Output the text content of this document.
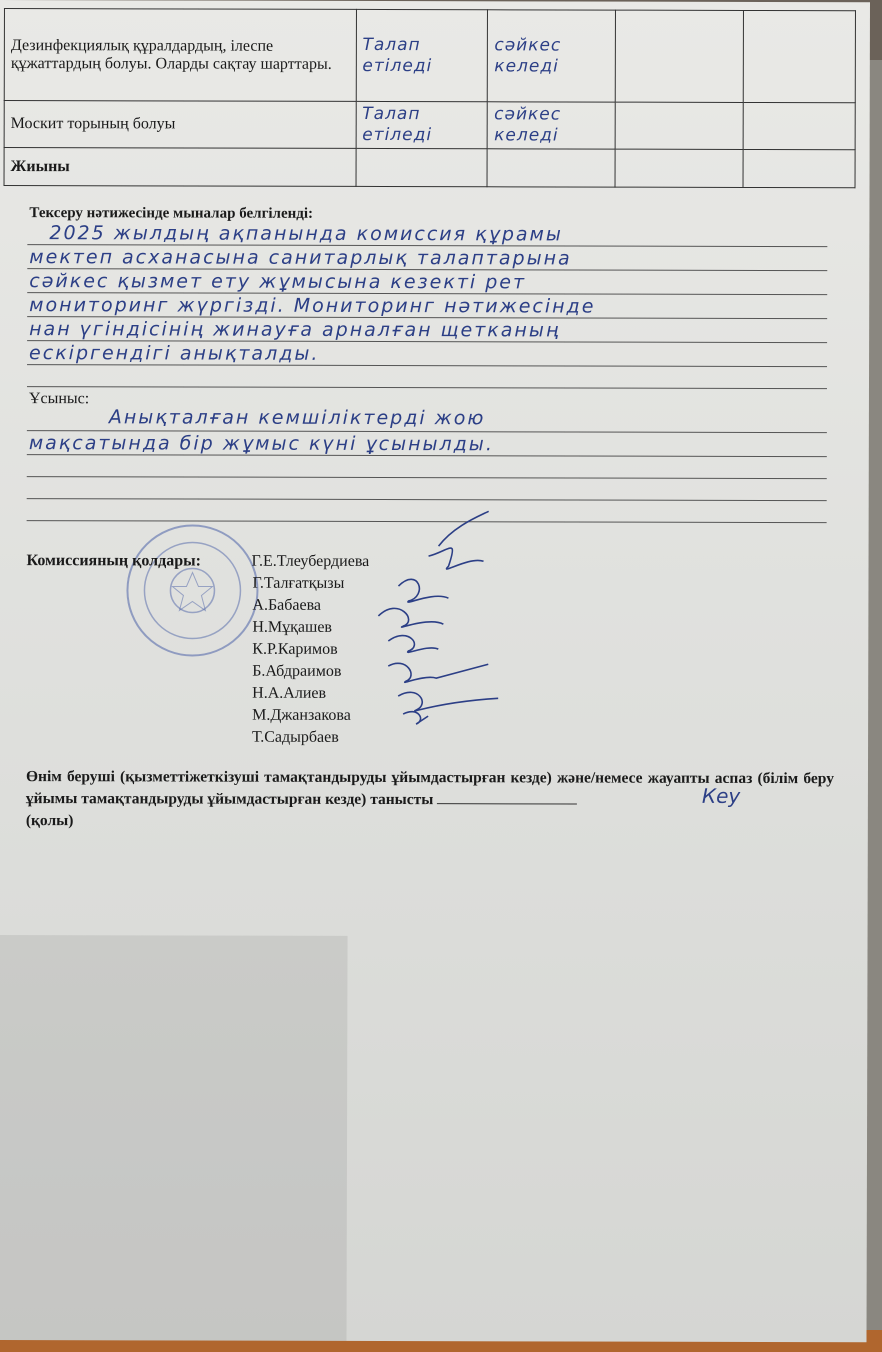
Дезинфекциялық құралдардың, ілеспе құжаттардың болуы. Оларды сақтау шарттары.	Талап етіледі	сәйкес келеді		
Москит торының болуы	Талап етіледі	сәйкес келеді		
Жиыны				
Тексеру нәтижесінде мыналар белгіленді:
2025 жылдың ақпанында комиссия құрамы
мектеп асханасына санитарлық талаптарына
сәйкес қызмет ету жұмысына кезекті рет
мониторинг жүргізді. Мониторинг нәтижесінде
нан үгіндісінің жинауға арналған щетканың
ескіргендігі анықталды.
Ұсыныс:
Анықталған кемшіліктерді жою
мақсатында бір жұмыс күні ұсынылды.
Комиссияның қолдары:	Г.Е.Тлеубердиева
Г.Талғатқызы
А.Бабаева
Н.Мұқашев
К.Р.Каримов
Б.Абдраимов
Н.А.Алиев
М.Джанзакова
Т.Садырбаев
Өнім беруші (қызметтіжеткізуші тамақтандыруды ұйымдастырған кезде) және/немесе жауапты аспаз (білім беру ұйымы тамақтандыруды ұйымдастырған кезде) танысты
(қолы)
Кеу
